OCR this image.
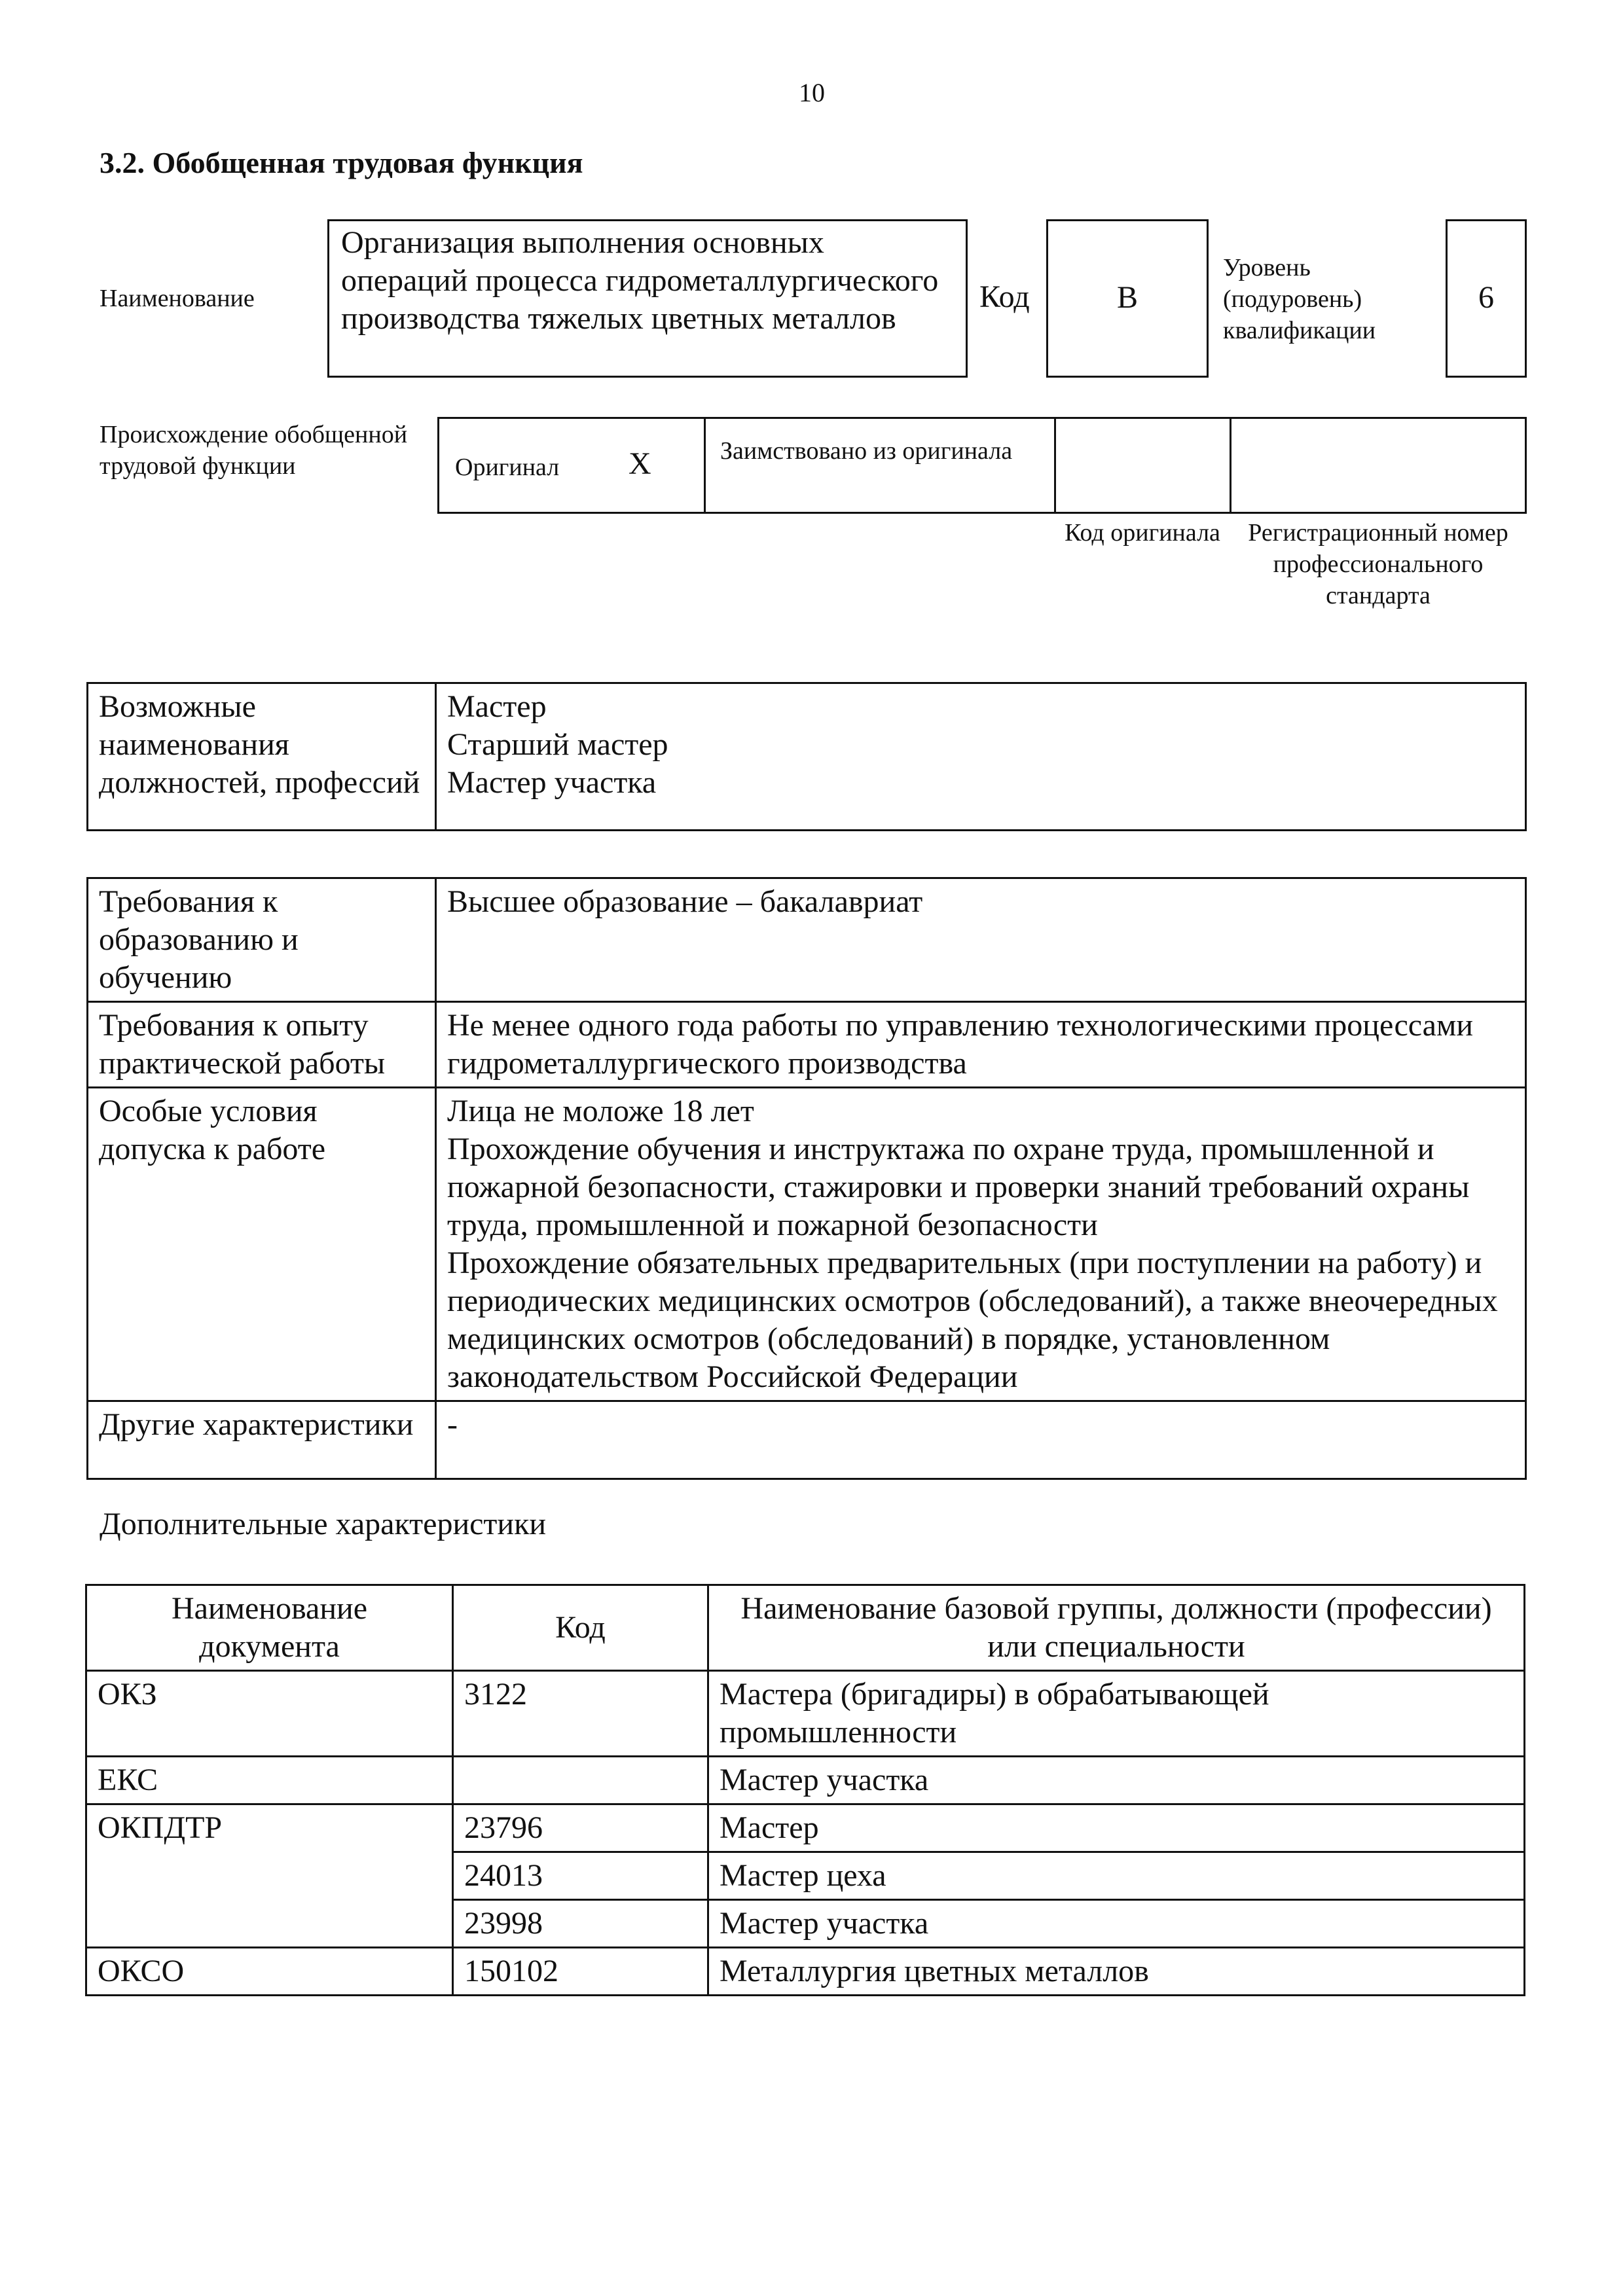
10
3.2. Обобщенная трудовая функция
Наименование
Организация выполнения основных операций процесса гидрометаллургического производства тяжелых цветных металлов
Код	B
Уровень (подуровень) квалификации
6
Происхождение обобщенной трудовой функции	Оригинал X	Заимствовано из оригинала
Код оригинала	Регистрационный номер профессионального стандарта
Возможные наименования должностей, профессий	Мастер
Старший мастер
Мастер участка
Требования к образованию и обучению	Высшее образование – бакалавриат
Требования к опыту практической работы	Не менее одного года работы по управлению технологическими процессами гидрометаллургического производства
Особые условия допуска к работе	Лица не моложе 18 лет
Прохождение обучения и инструктажа по охране труда, промышленной и пожарной безопасности, стажировки и проверки знаний требований охраны труда, промышленной и пожарной безопасности
Прохождение обязательных предварительных (при поступлении на работу) и периодических медицинских осмотров (обследований), а также внеочередных медицинских осмотров (обследований) в порядке, установленном законодательством Российской Федерации
Другие характеристики	-
Дополнительные характеристики
Наименование документа	Код	Наименование базовой группы, должности (профессии) или специальности
ОКЗ	3122	Мастера (бригадиры) в обрабатывающей промышленности
ЕКС		Мастер участка
ОКПДТР	23796	Мастер
	24013	Мастер цеха
	23998	Мастер участка
ОКСО	150102	Металлургия цветных металлов
